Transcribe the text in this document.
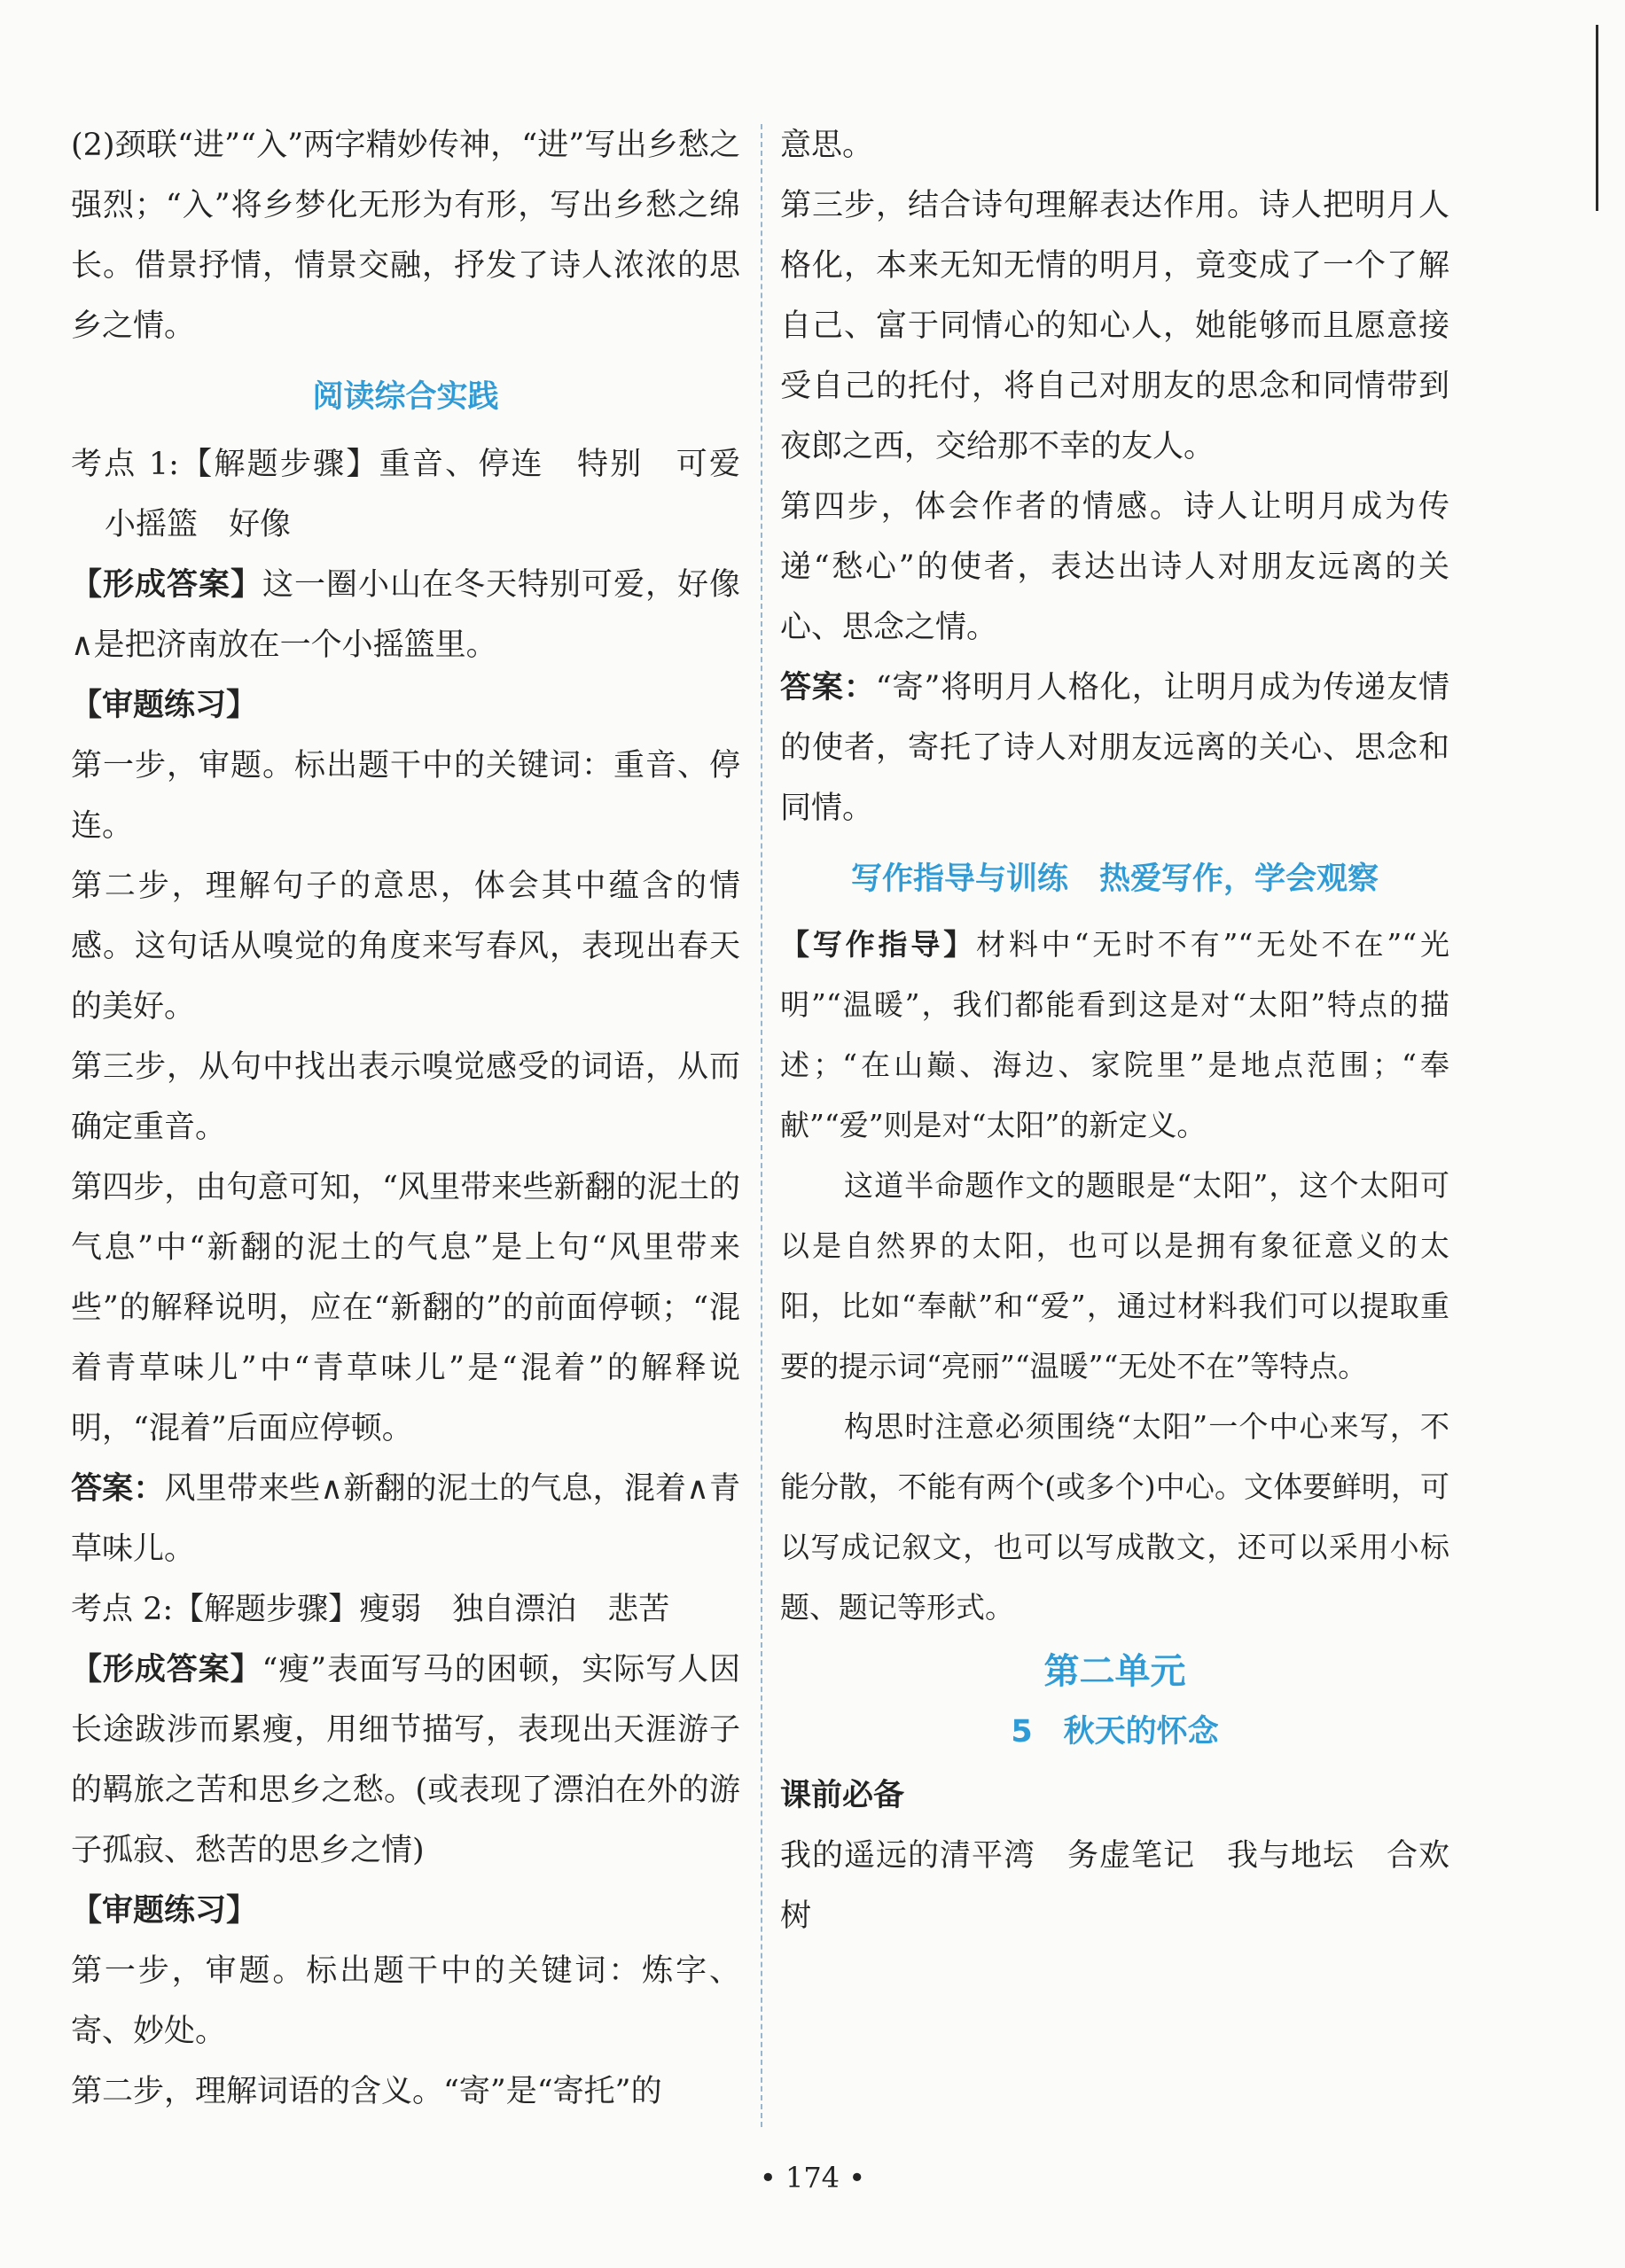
(2)颈联“进”“入”两字精妙传神，“进”写出乡愁之强烈；“入”将乡梦化无形为有形，写出乡愁之绵长。借景抒情，情景交融，抒发了诗人浓浓的思乡之情。

阅读综合实践

考点 1:【解题步骤】重音、停连　特别　可爱　小摇篮　好像

【形成答案】这一圈小山在冬天特别可爱，好像∧是把济南放在一个小摇篮里。

【审题练习】

第一步，审题。标出题干中的关键词：重音、停连。

第二步，理解句子的意思，体会其中蕴含的情感。这句话从嗅觉的角度来写春风，表现出春天的美好。

第三步，从句中找出表示嗅觉感受的词语，从而确定重音。

第四步，由句意可知，“风里带来些新翻的泥土的气息”中“新翻的泥土的气息”是上句“风里带来些”的解释说明，应在“新翻的”的前面停顿；“混着青草味儿”中“青草味儿”是“混着”的解释说明，“混着”后面应停顿。

答案：风里带来些∧新翻的泥土的气息，混着∧青草味儿。

考点 2:【解题步骤】瘦弱　独自漂泊　悲苦

【形成答案】“瘦”表面写马的困顿，实际写人因长途跋涉而累瘦，用细节描写，表现出天涯游子的羁旅之苦和思乡之愁。(或表现了漂泊在外的游子孤寂、愁苦的思乡之情)

【审题练习】

第一步，审题。标出题干中的关键词：炼字、寄、妙处。

第二步，理解词语的含义。“寄”是“寄托”的

意思。

第三步，结合诗句理解表达作用。诗人把明月人格化，本来无知无情的明月，竟变成了一个了解自己、富于同情心的知心人，她能够而且愿意接受自己的托付，将自己对朋友的思念和同情带到夜郎之西，交给那不幸的友人。

第四步，体会作者的情感。诗人让明月成为传递“愁心”的使者，表达出诗人对朋友远离的关心、思念之情。

答案：“寄”将明月人格化，让明月成为传递友情的使者，寄托了诗人对朋友远离的关心、思念和同情。

写作指导与训练　热爱写作，学会观察

【写作指导】材料中“无时不有”“无处不在”“光明”“温暖”，我们都能看到这是对“太阳”特点的描述；“在山巅、海边、家院里”是地点范围；“奉献”“爱”则是对“太阳”的新定义。

这道半命题作文的题眼是“太阳”，这个太阳可以是自然界的太阳，也可以是拥有象征意义的太阳，比如“奉献”和“爱”，通过材料我们可以提取重要的提示词“亮丽”“温暖”“无处不在”等特点。

构思时注意必须围绕“太阳”一个中心来写，不能分散，不能有两个(或多个)中心。文体要鲜明，可以写成记叙文，也可以写成散文，还可以采用小标题、题记等形式。

第二单元

5　秋天的怀念

课前必备

我的遥远的清平湾　务虚笔记　我与地坛　合欢树

• 174 •
